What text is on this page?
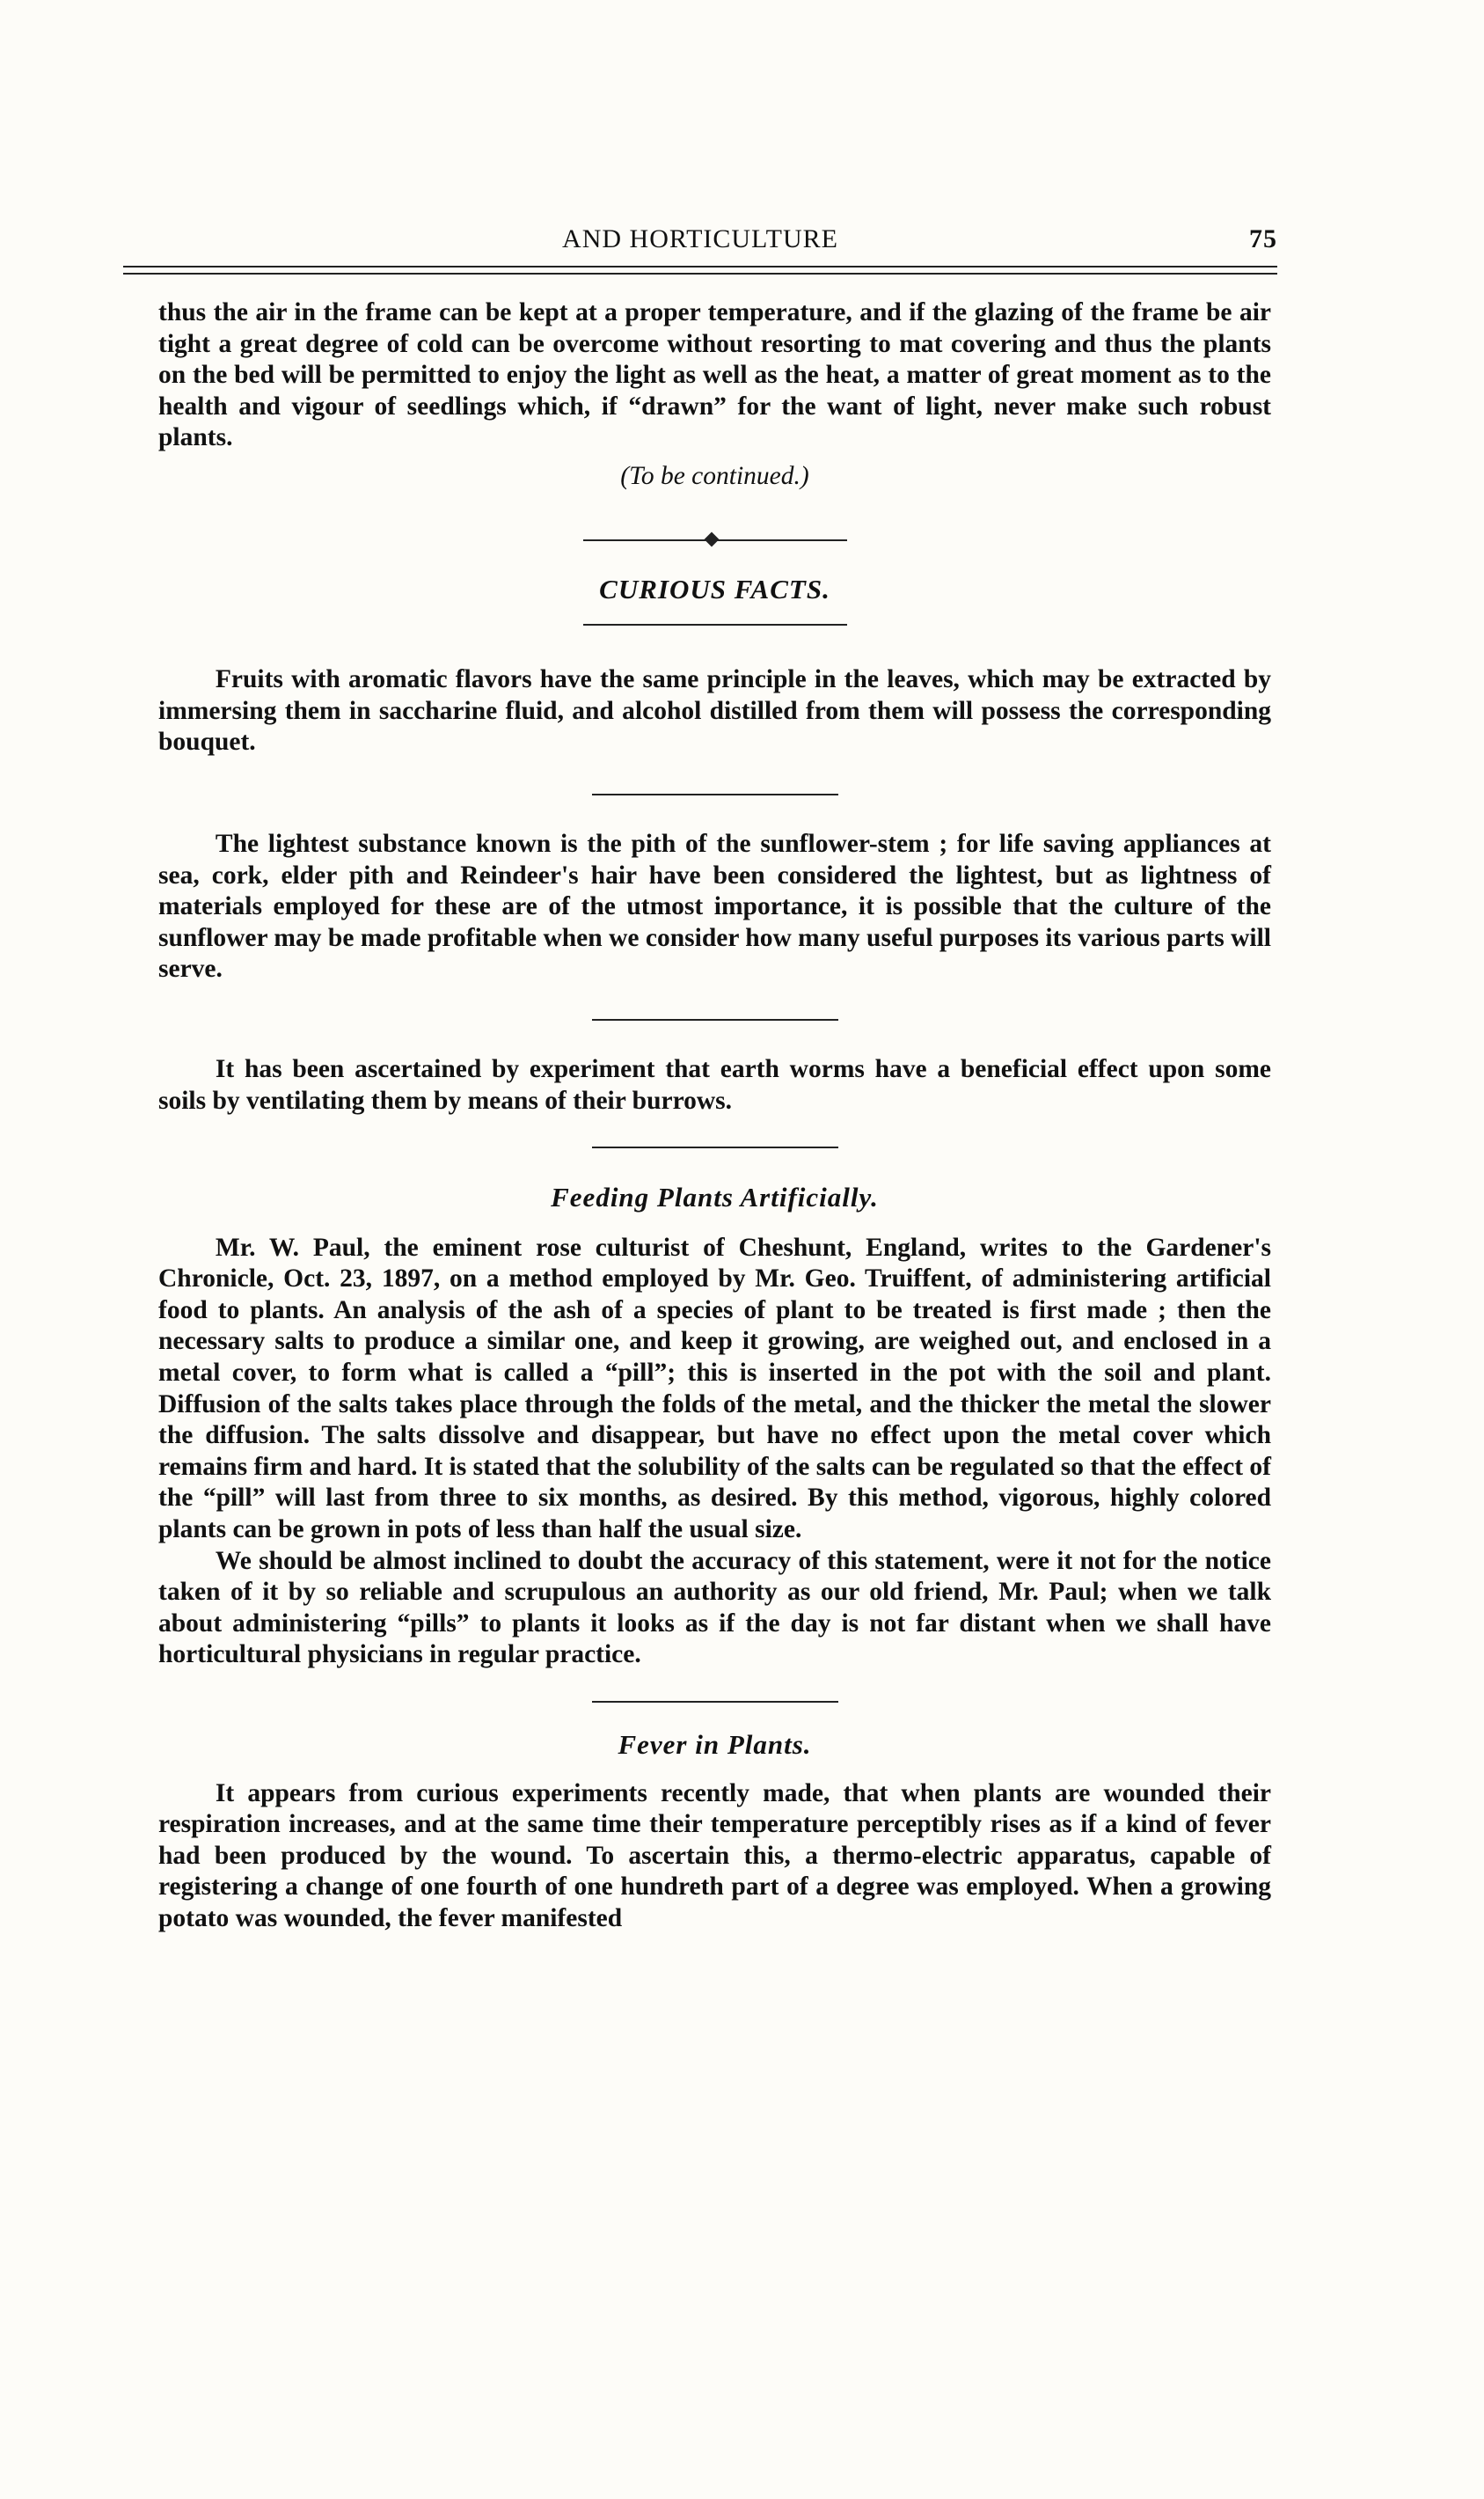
AND HORTICULTURE	75

thus the air in the frame can be kept at a proper temperature, and if the glazing of the frame be air tight a great degree of cold can be overcome without resorting to mat covering and thus the plants on the bed will be permitted to enjoy the light as well as the heat, a matter of great moment as to the health and vigour of seedlings which, if “drawn” for the want of light, never make such robust plants.

(To be continued.)

CURIOUS FACTS.

Fruits with aromatic flavors have the same principle in the leaves, which may be extracted by immersing them in saccharine fluid, and alcohol distilled from them will possess the corresponding bouquet.

The lightest substance known is the pith of the sunflower-stem ; for life saving appliances at sea, cork, elder pith and Reindeer's hair have been considered the lightest, but as lightness of materials employed for these are of the utmost importance, it is possible that the culture of the sunflower may be made profitable when we consider how many useful purposes its various parts will serve.

It has been ascertained by experiment that earth worms have a beneficial effect upon some soils by ventilating them by means of their burrows.

Feeding Plants Artificially.

Mr. W. Paul, the eminent rose culturist of Cheshunt, England, writes to the Gardener's Chronicle, Oct. 23, 1897, on a method employed by Mr. Geo. Truiffent, of administering artificial food to plants. An analysis of the ash of a species of plant to be treated is first made ; then the necessary salts to produce a similar one, and keep it growing, are weighed out, and enclosed in a metal cover, to form what is called a “pill”; this is inserted in the pot with the soil and plant. Diffusion of the salts takes place through the folds of the metal, and the thicker the metal the slower the diffusion. The salts dissolve and disappear, but have no effect upon the metal cover which remains firm and hard. It is stated that the solubility of the salts can be regulated so that the effect of the “pill” will last from three to six months, as desired. By this method, vigorous, highly colored plants can be grown in pots of less than half the usual size.

We should be almost inclined to doubt the accuracy of this statement, were it not for the notice taken of it by so reliable and scrupulous an authority as our old friend, Mr. Paul; when we talk about administering “pills” to plants it looks as if the day is not far distant when we shall have horticultural physicians in regular practice.

Fever in Plants.

It appears from curious experiments recently made, that when plants are wounded their respiration increases, and at the same time their temperature perceptibly rises as if a kind of fever had been produced by the wound. To ascertain this, a thermo-electric apparatus, capable of registering a change of one fourth of one hundreth part of a degree was employed. When a growing potato was wounded, the fever manifested
